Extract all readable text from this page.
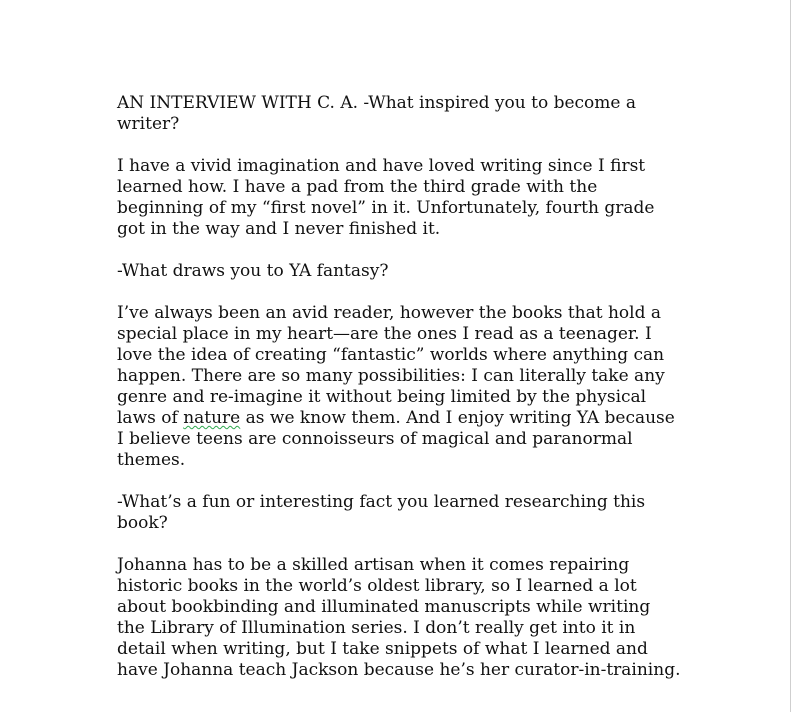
AN INTERVIEW WITH C. A. -What inspired you to become a
writer?

I have a vivid imagination and have loved writing since I first
learned how. I have a pad from the third grade with the
beginning of my “first novel” in it. Unfortunately, fourth grade
got in the way and I never finished it.

-What draws you to YA fantasy?

I’ve always been an avid reader, however the books that hold a
special place in my heart—are the ones I read as a teenager. I
love the idea of creating “fantastic” worlds where anything can
happen. There are so many possibilities: I can literally take any
genre and re-imagine it without being limited by the physical
laws of nature as we know them. And I enjoy writing YA because
I believe teens are connoisseurs of magical and paranormal
themes.

-What’s a fun or interesting fact you learned researching this
book?

Johanna has to be a skilled artisan when it comes repairing
historic books in the world’s oldest library, so I learned a lot
about bookbinding and illuminated manuscripts while writing
the Library of Illumination series. I don’t really get into it in
detail when writing, but I take snippets of what I learned and
have Johanna teach Jackson because he’s her curator-in-training.
